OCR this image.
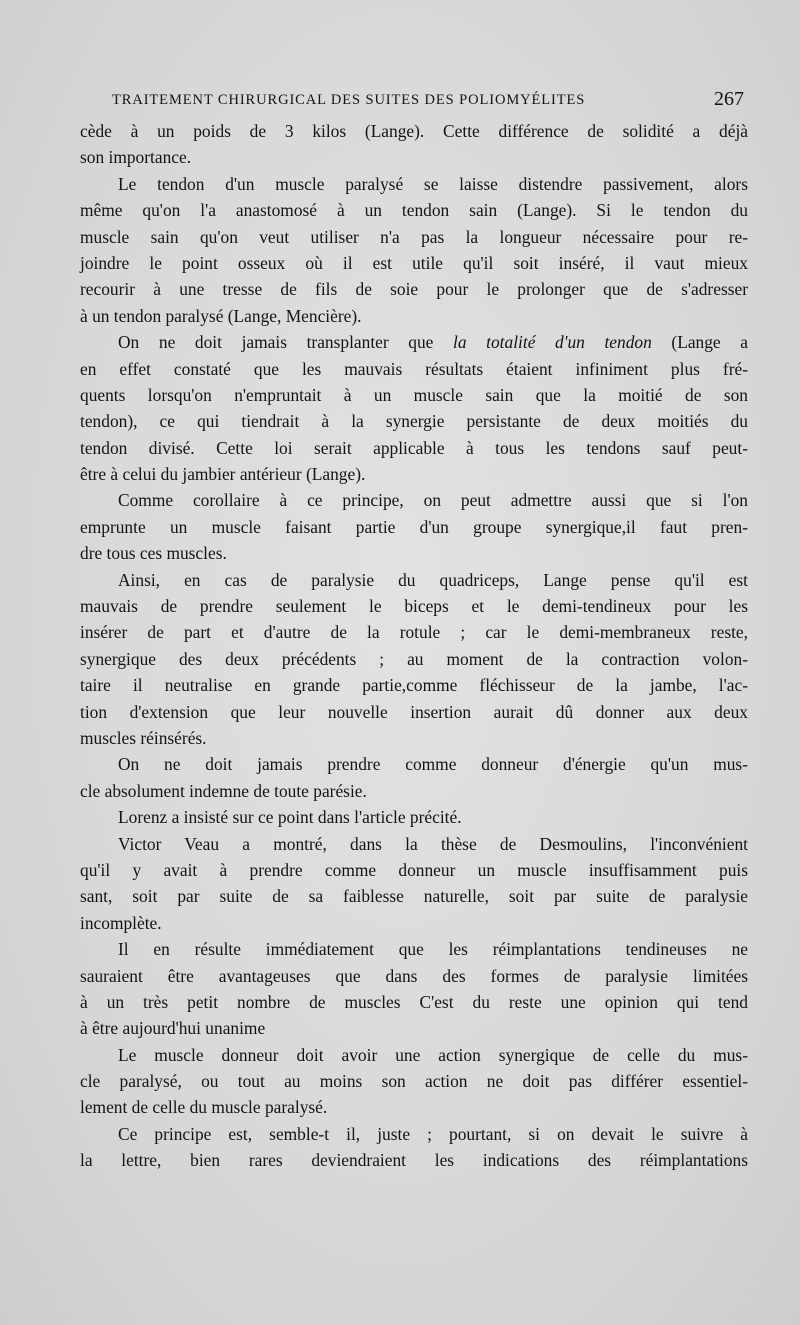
TRAITEMENT CHIRURGICAL DES SUITES DES POLIOMYÉLITES	267
cède à un poids de 3 kilos (Lange). Cette différence de solidité a déjà
son importance.
Le tendon d'un muscle paralysé se laisse distendre passivement, alors
même qu'on l'a anastomosé à un tendon sain (Lange). Si le tendon du
muscle sain qu'on veut utiliser n'a pas la longueur nécessaire pour re-
joindre le point osseux où il est utile qu'il soit inséré, il vaut mieux
recourir à une tresse de fils de soie pour le prolonger que de s'adresser
à un tendon paralysé (Lange, Mencière).
On ne doit jamais transplanter que la totalité d'un tendon (Lange a
en effet constaté que les mauvais résultats étaient infiniment plus fré-
quents lorsqu'on n'empruntait à un muscle sain que la moitié de son
tendon), ce qui tiendrait à la synergie persistante de deux moitiés du
tendon divisé. Cette loi serait applicable à tous les tendons sauf peut-
être à celui du jambier antérieur (Lange).
Comme corollaire à ce principe, on peut admettre aussi que si l'on
emprunte un muscle faisant partie d'un groupe synergique,il faut pren-
dre tous ces muscles.
Ainsi, en cas de paralysie du quadriceps, Lange pense qu'il est
mauvais de prendre seulement le biceps et le demi-tendineux pour les
insérer de part et d'autre de la rotule ; car le demi-membraneux reste,
synergique des deux précédents ; au moment de la contraction volon-
taire il neutralise en grande partie,comme fléchisseur de la jambe, l'ac-
tion d'extension que leur nouvelle insertion aurait dû donner aux deux
muscles réinsérés.
On ne doit jamais prendre comme donneur d'énergie qu'un mus-
cle absolument indemne de toute parésie.
Lorenz a insisté sur ce point dans l'article précité.
Victor Veau a montré, dans la thèse de Desmoulins, l'inconvénient
qu'il y avait à prendre comme donneur un muscle insuffisamment puis
sant, soit par suite de sa faiblesse naturelle, soit par suite de paralysie
incomplète.
Il en résulte immédiatement que les réimplantations tendineuses ne
sauraient être avantageuses que dans des formes de paralysie limitées
à un très petit nombre de muscles C'est du reste une opinion qui tend
à être aujourd'hui unanime
Le muscle donneur doit avoir une action synergique de celle du mus-
cle paralysé, ou tout au moins son action ne doit pas différer essentiel-
lement de celle du muscle paralysé.
Ce principe est, semble-t il, juste ; pourtant, si on devait le suivre à
la lettre, bien rares deviendraient les indications des réimplantations
